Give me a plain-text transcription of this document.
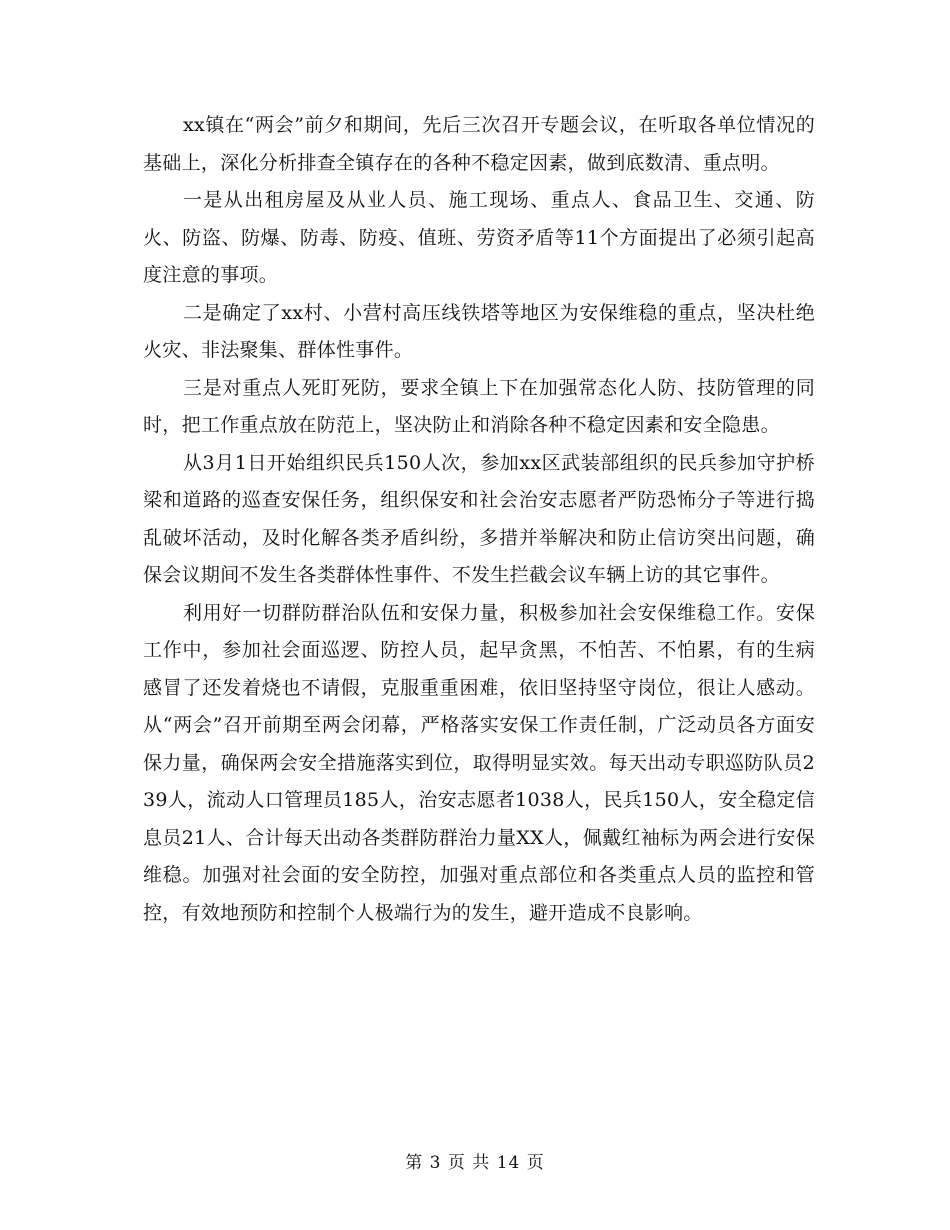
xx镇在“两会”前夕和期间，先后三次召开专题会议，在听取各单位情况的基础上，深化分析排查全镇存在的各种不稳定因素，做到底数清、重点明。

一是从出租房屋及从业人员、施工现场、重点人、食品卫生、交通、防火、防盗、防爆、防毒、防疫、值班、劳资矛盾等11个方面提出了必须引起高度注意的事项。

二是确定了xx村、小营村高压线铁塔等地区为安保维稳的重点，坚决杜绝火灾、非法聚集、群体性事件。

三是对重点人死盯死防，要求全镇上下在加强常态化人防、技防管理的同时，把工作重点放在防范上，坚决防止和消除各种不稳定因素和安全隐患。

从3月1日开始组织民兵150人次，参加xx区武装部组织的民兵参加守护桥梁和道路的巡查安保任务，组织保安和社会治安志愿者严防恐怖分子等进行捣乱破坏活动，及时化解各类矛盾纠纷，多措并举解决和防止信访突出问题，确保会议期间不发生各类群体性事件、不发生拦截会议车辆上访的其它事件。

利用好一切群防群治队伍和安保力量，积极参加社会安保维稳工作。安保工作中，参加社会面巡逻、防控人员，起早贪黑，不怕苦、不怕累，有的生病感冒了还发着烧也不请假，克服重重困难，依旧坚持坚守岗位，很让人感动。从“两会”召开前期至两会闭幕，严格落实安保工作责任制，广泛动员各方面安保力量，确保两会安全措施落实到位，取得明显实效。每天出动专职巡防队员239人，流动人口管理员185人，治安志愿者1038人，民兵150人，安全稳定信息员21人、合计每天出动各类群防群治力量XX人，佩戴红袖标为两会进行安保维稳。加强对社会面的安全防控，加强对重点部位和各类重点人员的监控和管控，有效地预防和控制个人极端行为的发生，避开造成不良影响。

第 3 页 共 14 页
